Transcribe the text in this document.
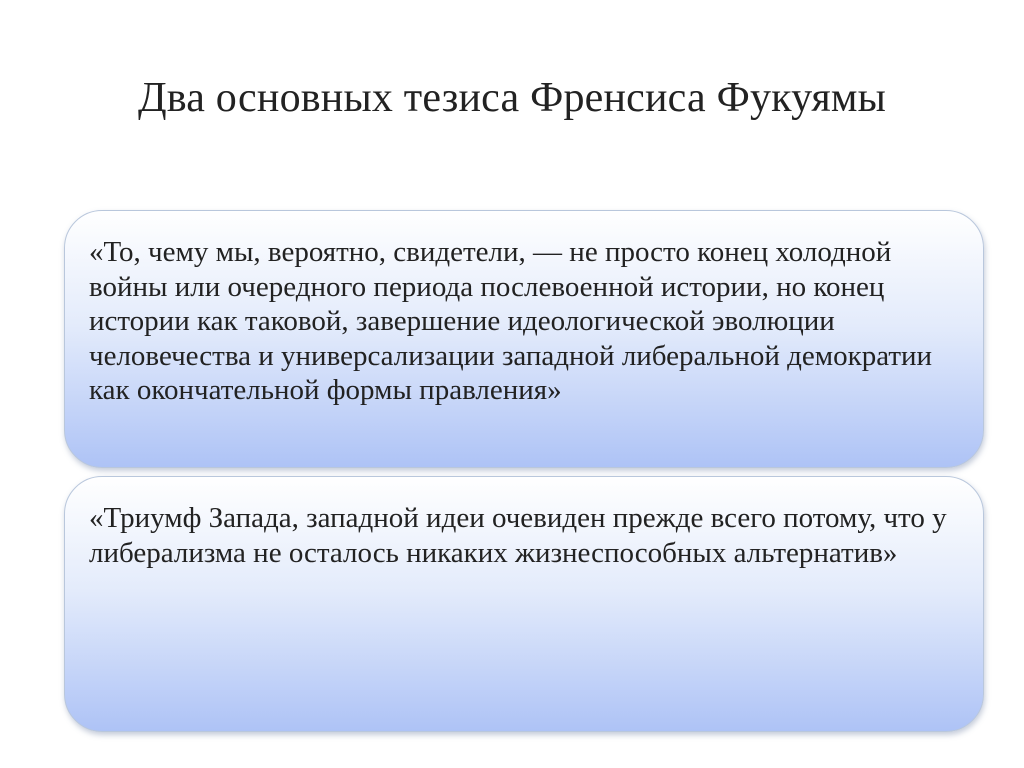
Два основных тезиса Френсиса Фукуямы

«То, чему мы, вероятно, свидетели, — не просто конец холодной войны или очередного периода послевоенной истории, но конец истории как таковой, завершение идеологической эволюции человечества и универсализации западной либеральной демократии как окончательной формы правления»

«Триумф Запада, западной идеи очевиден прежде всего потому, что у либерализма не осталось никаких жизнеспособных альтернатив»
